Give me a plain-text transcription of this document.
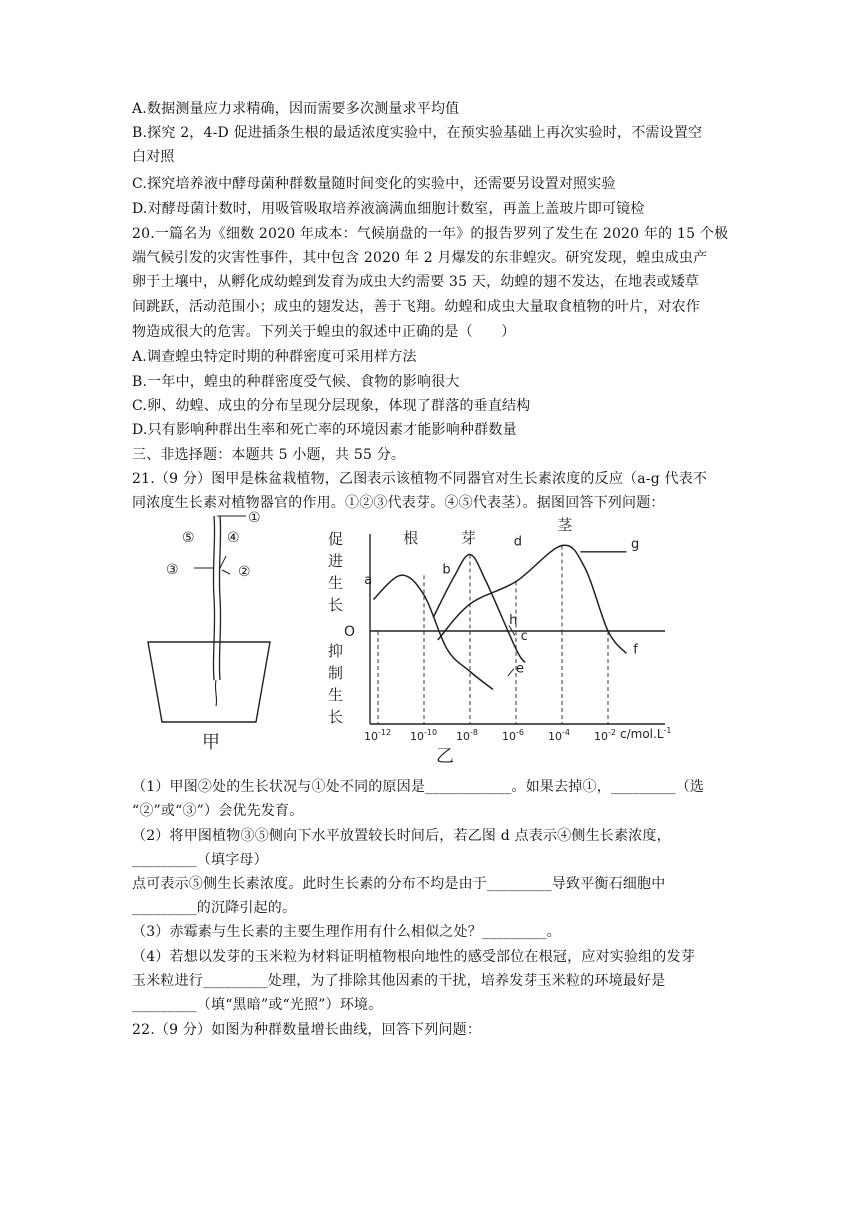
A.数据测量应力求精确，因而需要多次测量求平均值
B.探究 2，4-D 促进插条生根的最适浓度实验中，在预实验基础上再次实验时，不需设置空
白对照
C.探究培养液中酵母菌种群数量随时间变化的实验中，还需要另设置对照实验
D.对酵母菌计数时，用吸管吸取培养液滴满血细胞计数室，再盖上盖玻片即可镜检
20.一篇名为《细数 2020 年成本：气候崩盘的一年》的报告罗列了发生在 2020 年的 15 个极
端气候引发的灾害性事件，其中包含 2020 年 2 月爆发的东非蝗灾。研究发现，蝗虫成虫产
卵于土壤中，从孵化成幼蝗到发育为成虫大约需要 35 天，幼蝗的翅不发达，在地表或矮草
间跳跃，活动范围小；成虫的翅发达，善于飞翔。幼蝗和成虫大量取食植物的叶片，对农作
物造成很大的危害。下列关于蝗虫的叙述中正确的是（　　）
A.调查蝗虫特定时期的种群密度可采用样方法
B.一年中，蝗虫的种群密度受气候、食物的影响很大
C.卵、幼蝗、成虫的分布呈现分层现象，体现了群落的垂直结构
D.只有影响种群出生率和死亡率的环境因素才能影响种群数量
三、非选择题：本题共 5 小题，共 55 分。
21.（9 分）图甲是株盆栽植物，乙图表示该植物不同器官对生长素浓度的反应（a-g 代表不
同浓度生长素对植物器官的作用。①②③代表芽。④⑤代表茎）。据图回答下列问题：
（1）甲图②处的生长状况与①处不同的原因是____________。如果去掉①，_________（选
“②”或“③”）会优先发育。
（2）将甲图植物③⑤侧向下水平放置较长时间后，若乙图 d 点表示④侧生长素浓度，
_________（填字母）
点可表示⑤侧生长素浓度。此时生长素的分布不均是由于_________导致平衡石细胞中
_________的沉降引起的。
（3）赤霉素与生长素的主要生理作用有什么相似之处？_________。
（4）若想以发芽的玉米粒为材料证明植物根向地性的感受部位在根冠，应对实验组的发芽
玉米粒进行_________处理，为了排除其他因素的干扰，培养发芽玉米粒的环境最好是
_________（填“黑暗”或“光照”）环境。
22.（9 分）如图为种群数量增长曲线，回答下列问题：
①
④
⑤
③	②
甲
促
进
生
长
抑
制
生
长
O
$10^{-12}$ $10^{-10}$ $10^{-8}$ $10^{-6}$ $10^{-4}$ $10^{-2}$ $c/mol.L^{-1}$
乙
根	芽
茎
a
b
c
d
e
f
g
h
